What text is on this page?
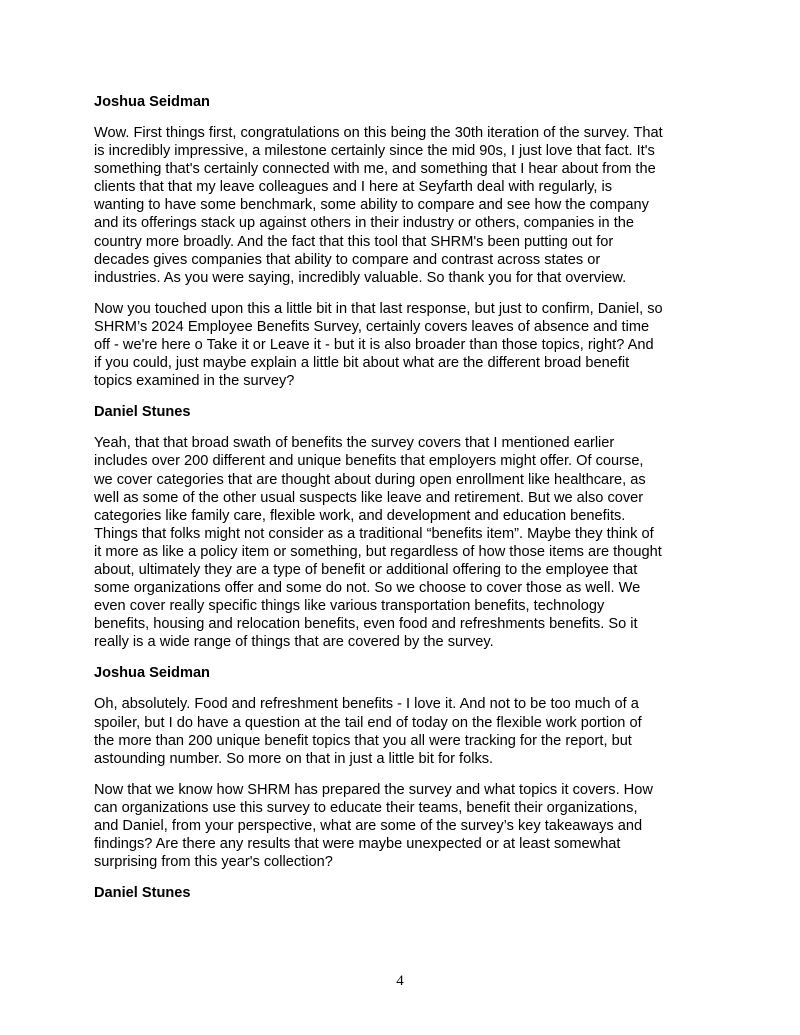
Joshua Seidman

Wow. First things first, congratulations on this being the 30th iteration of the survey. That
is incredibly impressive, a milestone certainly since the mid 90s, I just love that fact. It's
something that's certainly connected with me, and something that I hear about from the
clients that that my leave colleagues and I here at Seyfarth deal with regularly, is
wanting to have some benchmark, some ability to compare and see how the company
and its offerings stack up against others in their industry or others, companies in the
country more broadly. And the fact that this tool that SHRM's been putting out for
decades gives companies that ability to compare and contrast across states or
industries. As you were saying, incredibly valuable. So thank you for that overview.

Now you touched upon this a little bit in that last response, but just to confirm, Daniel, so
SHRM’s 2024 Employee Benefits Survey, certainly covers leaves of absence and time
off - we're here o Take it or Leave it - but it is also broader than those topics, right? And
if you could, just maybe explain a little bit about what are the different broad benefit
topics examined in the survey?

Daniel Stunes

Yeah, that that broad swath of benefits the survey covers that I mentioned earlier
includes over 200 different and unique benefits that employers might offer. Of course,
we cover categories that are thought about during open enrollment like healthcare, as
well as some of the other usual suspects like leave and retirement. But we also cover
categories like family care, flexible work, and development and education benefits.
Things that folks might not consider as a traditional “benefits item”. Maybe they think of
it more as like a policy item or something, but regardless of how those items are thought
about, ultimately they are a type of benefit or additional offering to the employee that
some organizations offer and some do not. So we choose to cover those as well. We
even cover really specific things like various transportation benefits, technology
benefits, housing and relocation benefits, even food and refreshments benefits. So it
really is a wide range of things that are covered by the survey.

Joshua Seidman

Oh, absolutely. Food and refreshment benefits - I love it. And not to be too much of a
spoiler, but I do have a question at the tail end of today on the flexible work portion of
the more than 200 unique benefit topics that you all were tracking for the report, but
astounding number. So more on that in just a little bit for folks.

Now that we know how SHRM has prepared the survey and what topics it covers. How
can organizations use this survey to educate their teams, benefit their organizations,
and Daniel, from your perspective, what are some of the survey’s key takeaways and
findings? Are there any results that were maybe unexpected or at least somewhat
surprising from this year's collection?

Daniel Stunes
4
